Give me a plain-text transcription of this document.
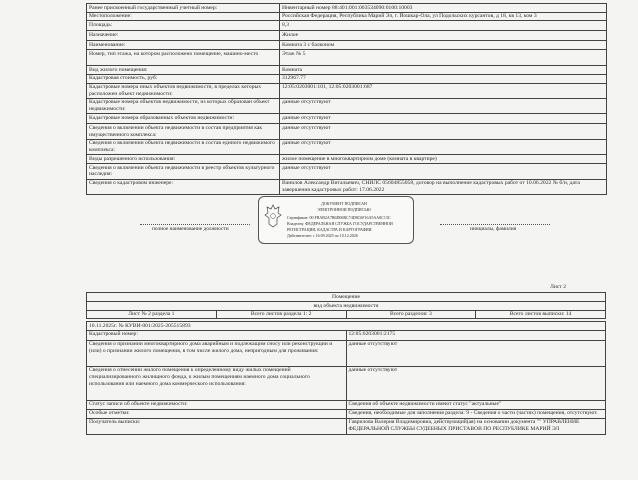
Ранее присвоенный государственный учетный номер:	Инвентарный номер 88:401:001:003534090:0100:10003
Местоположение:	Российская Федерация, Республика Марий Эл, г. Йошкар-Ола, ул Подольских курсантов, д 18, кв 13, ком 3
Площадь:	8,3
Назначение:	Жилое
Наименование:	Комната 3 с балконом
Номер, тип этажа, на котором расположено помещение, машино-место	Этаж № 5
Вид жилого помещения:	Комната
Кадастровая стоимость, руб:	312967.77
Кадастровые номера иных объектов недвижимости, в пределах которых расположен объект недвижимости:	12:05:0203001:101, 12:05:0203001:687
Кадастровые номера объектов недвижимости, из которых образован объект недвижимости:	данные отсутствуют
Кадастровые номера образованных объектов недвижимости:	данные отсутствуют
Сведения о включении объекта недвижимости в состав предприятия как имущественного комплекса:	данные отсутствуют
Сведения о включении объекта недвижимости в состав единого недвижимого комплекса:	данные отсутствуют
Виды разрешенного использования:	жилое помещение в многоквартирном доме (комната в квартире)
Сведения о включении объекта недвижимости в реестр объектов культурного наследия:	данные отсутствуют
Сведения о кадастровом инженере:	Ванилов Александр Витальевич, СНИЛС 05604855058, договор на выполнение кадастровых работ от 10.06.2022 № б/н, дата завершения кадастровых работ: 17.06.2022
полное наименование должности	инициалы, фамилия
ДОКУМЕНТ ПОДПИСАН
ЭЛЕКТРОННОЙ ПОДПИСЬЮ
Сертификат: 00 FBAB2A7B6D06BC74D8C6F16A5AA0C13C
Владелец: ФЕДЕРАЛЬНАЯ СЛУЖБА ГОСУДАРСТВЕННОЙ
РЕГИСТРАЦИИ, КАДАСТРА И КАРТОГРАФИИ
Действителен: с 16.09.2025 по 10.12.2026
Лист 2
Помещение
вид объекта недвижимости
Лист № 2 раздела 1	Всего листов раздела 1: 2	Всего разделов: 3	Всего листов выписки: 14
10.11.2025г. № КУВИ-001/2025-205515893	
Кадастровый номер:	12:05:0203001:2175
Сведения о признании многоквартирного дома аварийным и подлежащим сносу или реконструкции и (или) о признании жилого помещения, в том числе жилого дома, непригодным для проживания:	данные отсутствуют
Сведения о отнесении жилого помещения к определенному виду жилых помещений специализированного жилищного фонда, к жилым помещениям наемного дома социального использования или наемного дома коммерческого использования:	данные отсутствуют
Статус записи об объекте недвижимости:	Сведения об объекте недвижимости имеют статус "актуальные"
Особые отметки:	Сведения, необходимые для заполнения раздела: 9 - Сведения о части (частях) помещения, отсутствуют.
Получатель выписки:	Гаврилова Валерия Владимировна, действующий(ая) на основании документа "" УПРАВЛЕНИЕ ФЕДЕРАЛЬНОЙ СЛУЖБЫ СУДЕБНЫХ ПРИСТАВОВ ПО РЕСПУБЛИКЕ МАРИЙ ЭЛ
